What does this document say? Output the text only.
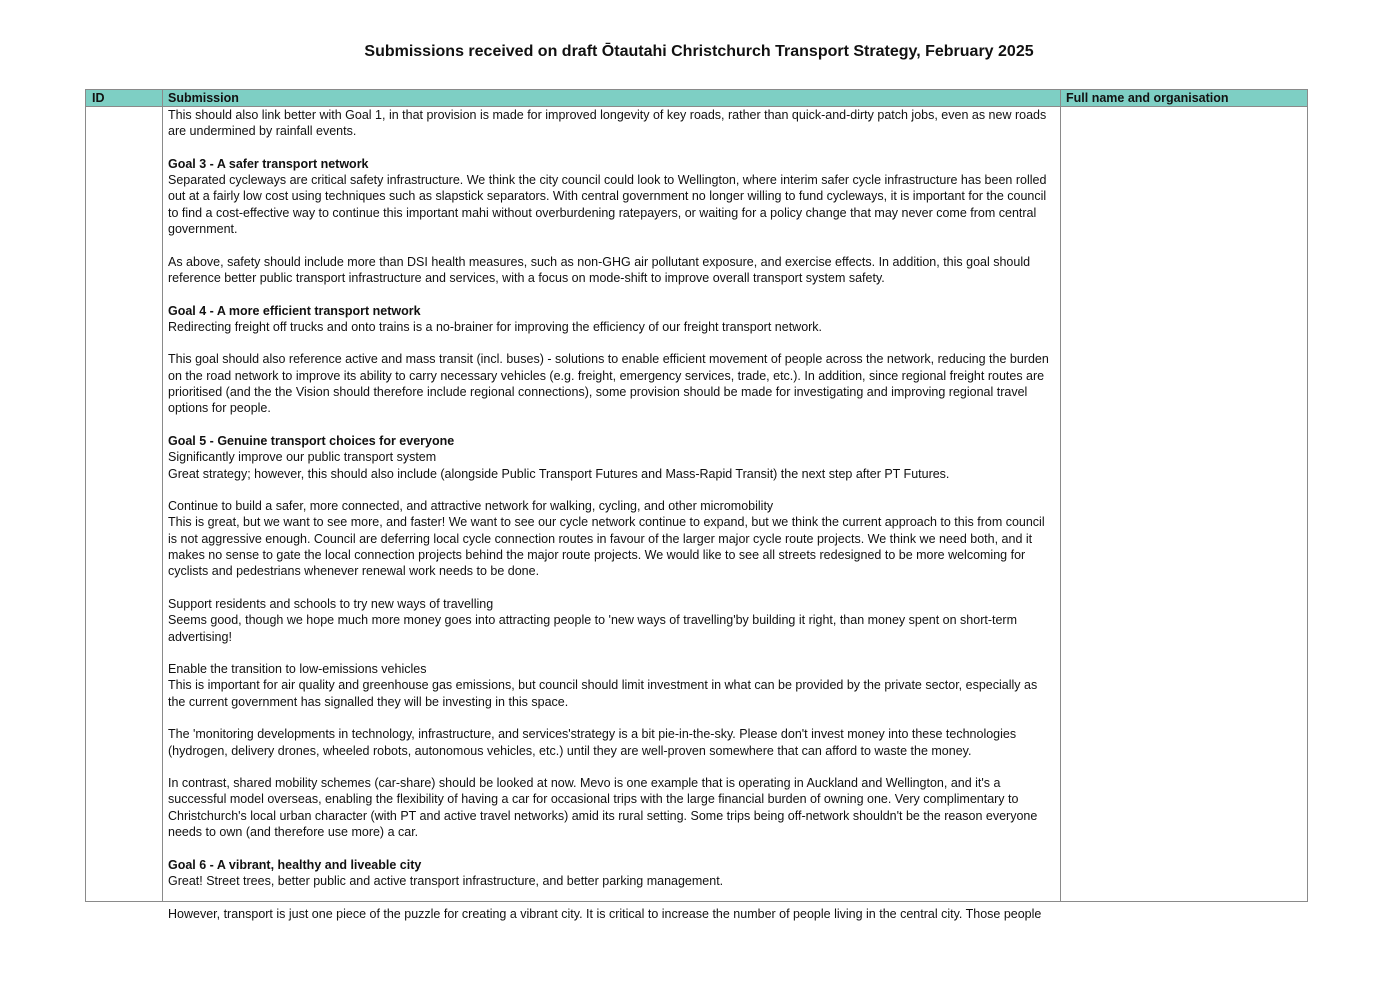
Submissions received on draft Ōtautahi Christchurch Transport Strategy, February 2025
ID	Submission	Full name and organisation
This should also link better with Goal 1, in that provision is made for improved longevity of key roads, rather than quick-and-dirty patch jobs, even as new roads are undermined by rainfall events.
Goal 3 - A safer transport network
Separated cycleways are critical safety infrastructure. We think the city council could look to Wellington, where interim safer cycle infrastructure has been rolled out at a fairly low cost using techniques such as slapstick separators. With central government no longer willing to fund cycleways, it is important for the council to find a cost-effective way to continue this important mahi without overburdening ratepayers, or waiting for a policy change that may never come from central government.
As above, safety should include more than DSI health measures, such as non-GHG air pollutant exposure, and exercise effects. In addition, this goal should reference better public transport infrastructure and services, with a focus on mode-shift to improve overall transport system safety.
Goal 4 - A more efficient transport network
Redirecting freight off trucks and onto trains is a no-brainer for improving the efficiency of our freight transport network.
This goal should also reference active and mass transit (incl. buses) - solutions to enable efficient movement of people across the network, reducing the burden on the road network to improve its ability to carry necessary vehicles (e.g. freight, emergency services, trade, etc.). In addition, since regional freight routes are prioritised (and the the Vision should therefore include regional connections), some provision should be made for investigating and improving regional travel options for people.
Goal 5 - Genuine transport choices for everyone
Significantly improve our public transport system
Great strategy; however, this should also include (alongside Public Transport Futures and Mass-Rapid Transit) the next step after PT Futures.
Continue to build a safer, more connected, and attractive network for walking, cycling, and other micromobility
This is great, but we want to see more, and faster! We want to see our cycle network continue to expand, but we think the current approach to this from council is not aggressive enough. Council are deferring local cycle connection routes in favour of the larger major cycle route projects. We think we need both, and it makes no sense to gate the local connection projects behind the major route projects. We would like to see all streets redesigned to be more welcoming for cyclists and pedestrians whenever renewal work needs to be done.
Support residents and schools to try new ways of travelling
Seems good, though we hope much more money goes into attracting people to 'new ways of travelling'by building it right, than money spent on short-term advertising!
Enable the transition to low-emissions vehicles
This is important for air quality and greenhouse gas emissions, but council should limit investment in what can be provided by the private sector, especially as the current government has signalled they will be investing in this space.
The 'monitoring developments in technology, infrastructure, and services'strategy is a bit pie-in-the-sky. Please don't invest money into these technologies (hydrogen, delivery drones, wheeled robots, autonomous vehicles, etc.) until they are well-proven somewhere that can afford to waste the money.
In contrast, shared mobility schemes (car-share) should be looked at now. Mevo is one example that is operating in Auckland and Wellington, and it's a successful model overseas, enabling the flexibility of having a car for occasional trips with the large financial burden of owning one. Very complimentary to Christchurch's local urban character (with PT and active travel networks) amid its rural setting. Some trips being off-network shouldn't be the reason everyone needs to own (and therefore use more) a car.
Goal 6 - A vibrant, healthy and liveable city
Great! Street trees, better public and active transport infrastructure, and better parking management.
However, transport is just one piece of the puzzle for creating a vibrant city. It is critical to increase the number of people living in the central city. Those people
